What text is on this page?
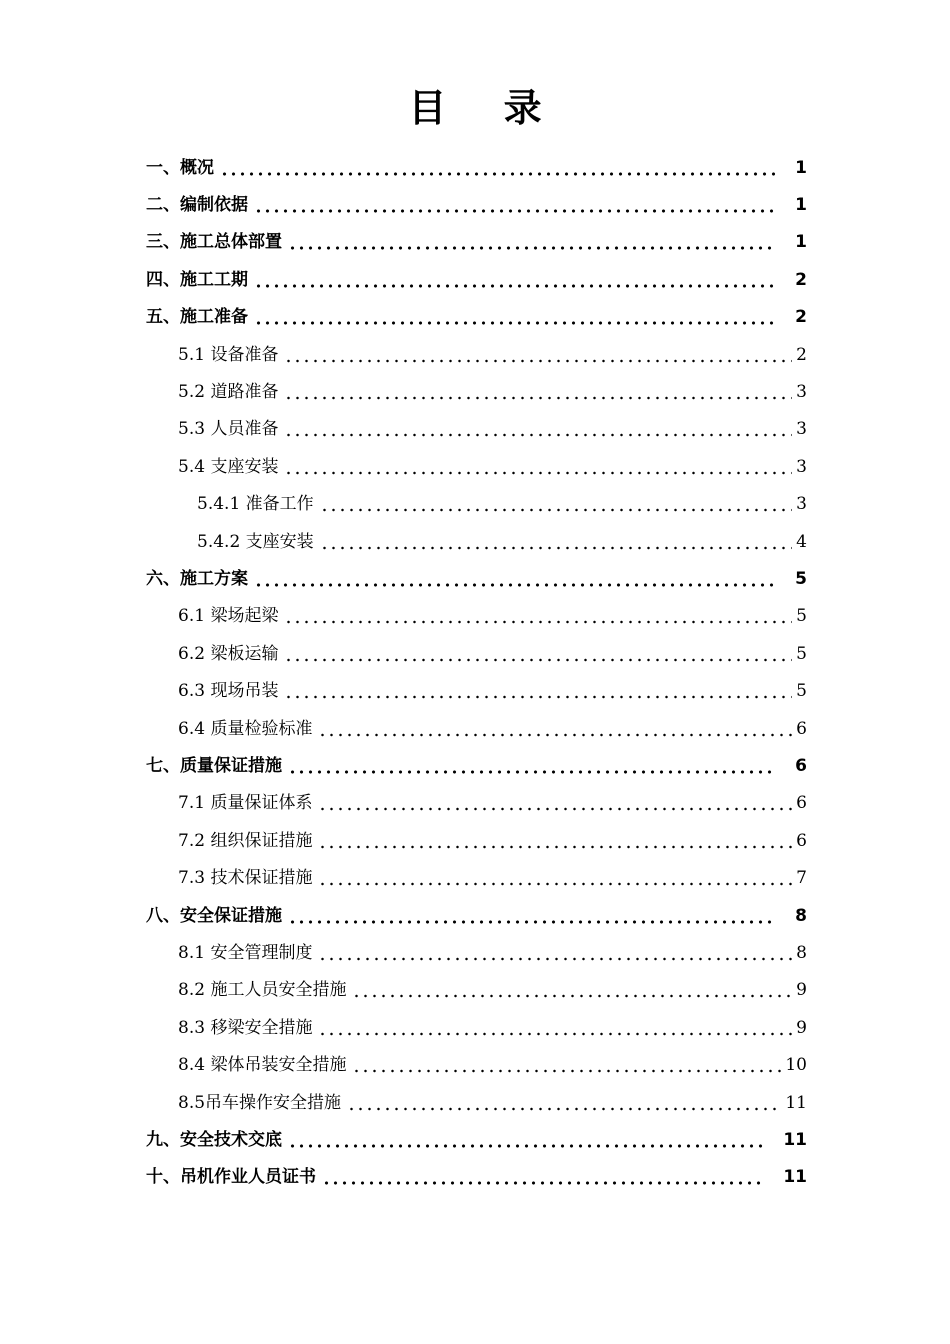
目 录
一、概况	1
二、编制依据	1
三、施工总体部置	1
四、施工工期	2
五、施工准备	2
5.1 设备准备	2
5.2 道路准备	3
5.3 人员准备	3
5.4 支座安装	3
5.4.1 准备工作	3
5.4.2 支座安装	4
六、施工方案	5
6.1 梁场起梁	5
6.2 梁板运输	5
6.3 现场吊装	5
6.4 质量检验标准	6
七、质量保证措施	6
7.1 质量保证体系	6
7.2 组织保证措施	6
7.3 技术保证措施	7
八、安全保证措施	8
8.1 安全管理制度	8
8.2 施工人员安全措施	9
8.3 移梁安全措施	9
8.4 梁体吊装安全措施	10
8.5吊车操作安全措施	11
九、安全技术交底	11
十、吊机作业人员证书	11
